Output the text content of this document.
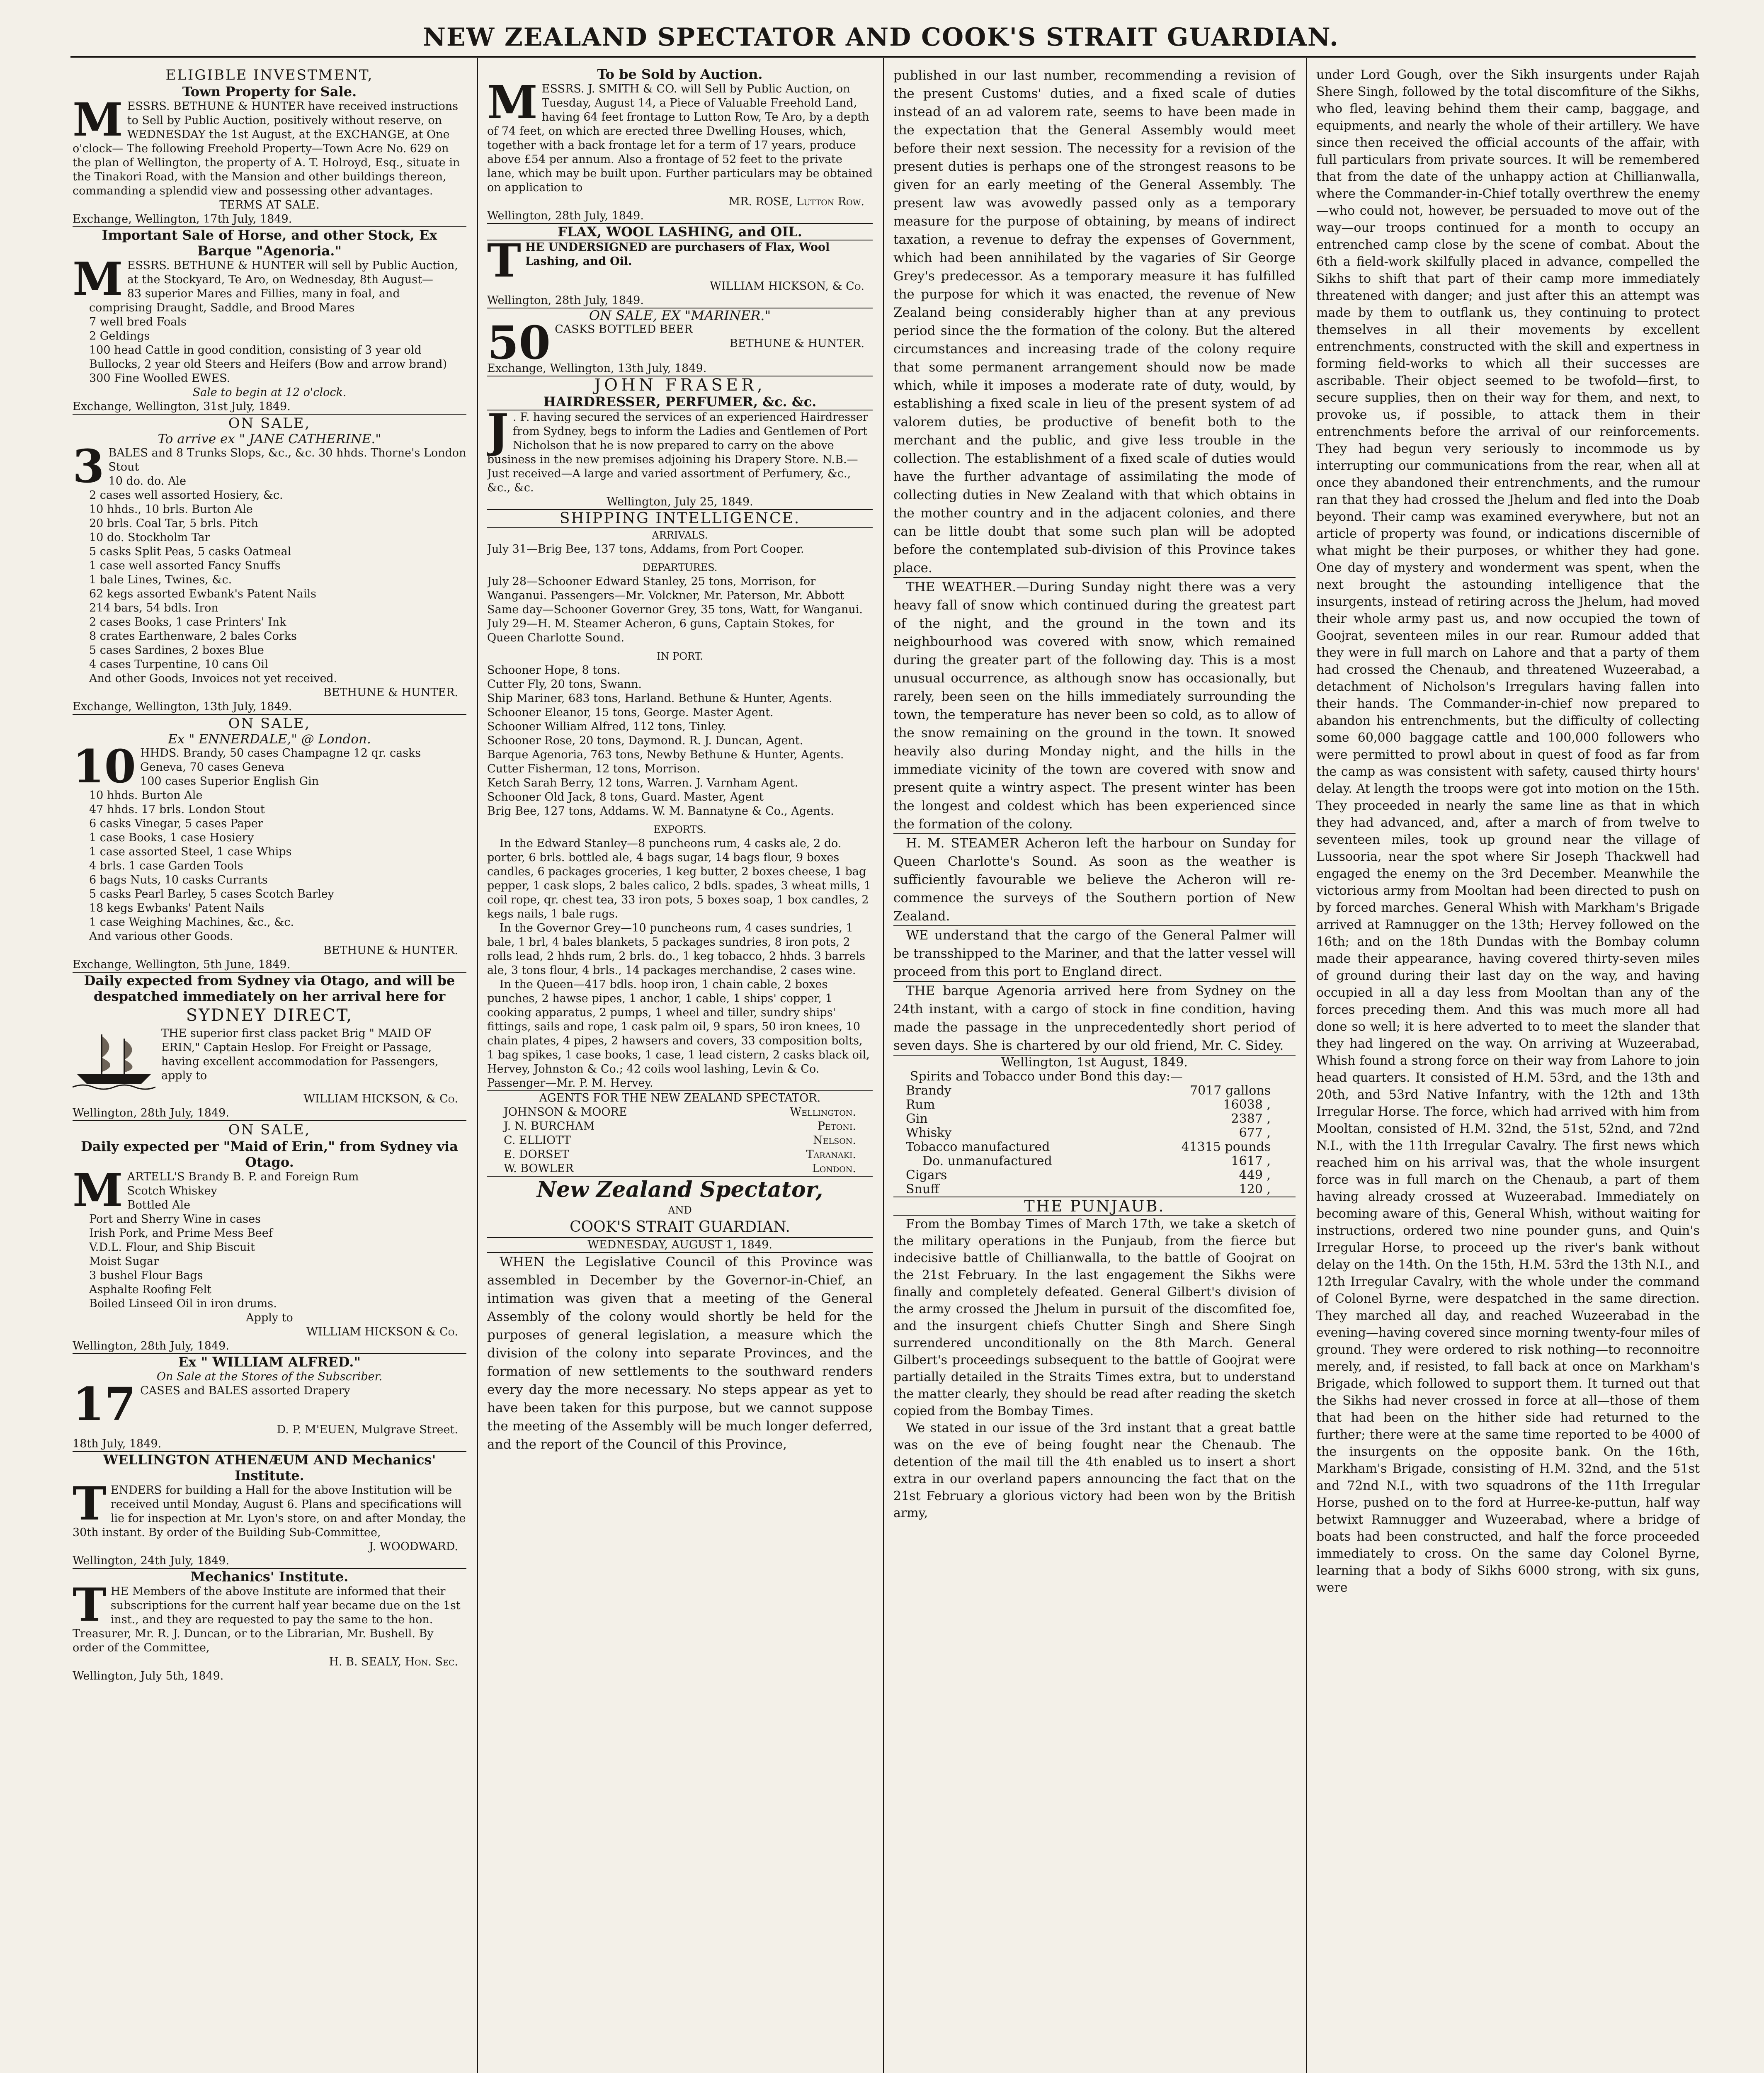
NEW ZEALAND SPECTATOR AND COOK'S STRAIT GUARDIAN.
ELIGIBLE INVESTMENT,
Town Property for Sale.
M ESSRS. BETHUNE & HUNTER have received instructions to Sell by Public Auction, positively without reserve, on WEDNESDAY the 1st August, at the EXCHANGE, at One o'clock— The following Freehold Property—Town Acre No. 629 on the plan of Wellington, the property of A. T. Holroyd, Esq., situate in the Tinakori Road, with the Mansion and other buildings thereon, commanding a splendid view and possessing other advantages.
TERMS AT SALE.
Exchange, Wellington, 17th July, 1849.
Important Sale of Horse, and other Stock, Ex Barque "Agenoria."
M ESSRS. BETHUNE & HUNTER will sell by Public Auction, at the Stockyard, Te Aro, on Wednesday, 8th August—
83 superior Mares and Fillies, many in foal, and comprising Draught, Saddle, and Brood Mares
7 well bred Foals
2 Geldings
100 head Cattle in good condition, consisting of 3 year old Bullocks, 2 year old Steers and Heifers (Bow and arrow brand)
300 Fine Woolled EWES.
Sale to begin at 12 o'clock.
Exchange, Wellington, 31st July, 1849.
ON SALE,
To arrive ex " JANE CATHERINE."
3 BALES and 8 Trunks Slops, &c., &c. 30 hhds. Thorne's London Stout
10 do. do. Ale
2 cases well assorted Hosiery, &c.
10 hhds., 10 brls. Burton Ale
20 brls. Coal Tar, 5 brls. Pitch
10 do. Stockholm Tar
5 casks Split Peas, 5 casks Oatmeal
1 case well assorted Fancy Snuffs
1 bale Lines, Twines, &c.
62 kegs assorted Ewbank's Patent Nails
214 bars, 54 bdls. Iron
2 cases Books, 1 case Printers' Ink
8 crates Earthenware, 2 bales Corks
5 cases Sardines, 2 boxes Blue
4 cases Turpentine, 10 cans Oil
And other Goods, Invoices not yet received.
BETHUNE & HUNTER.
Exchange, Wellington, 13th July, 1849.
ON SALE,
Ex " ENNERDALE," @ London.
10 HHDS. Brandy, 50 cases Champagne 12 qr. casks Geneva, 70 cases Geneva
100 cases Superior English Gin
10 hhds. Burton Ale
47 hhds. 17 brls. London Stout
6 casks Vinegar, 5 cases Paper
1 case Books, 1 case Hosiery
1 case assorted Steel, 1 case Whips
4 brls. 1 case Garden Tools
6 bags Nuts, 10 casks Currants
5 casks Pearl Barley, 5 cases Scotch Barley
18 kegs Ewbanks' Patent Nails
1 case Weighing Machines, &c., &c.
And various other Goods.
BETHUNE & HUNTER.
Exchange, Wellington, 5th June, 1849.
Daily expected from Sydney via Otago, and will be despatched immediately on her arrival here for
SYDNEY DIRECT,
THE superior first class packet Brig " MAID OF ERIN," Captain Heslop. For Freight or Passage, having excellent accommodation for Passengers, apply to
WILLIAM HICKSON, & Co.
Wellington, 28th July, 1849.
ON SALE,
Daily expected per "Maid of Erin," from Sydney via Otago.
M ARTELL'S Brandy B. P. and Foreign Rum
Scotch Whiskey
Bottled Ale
Port and Sherry Wine in cases
Irish Pork, and Prime Mess Beef
V.D.L. Flour, and Ship Biscuit
Moist Sugar
3 bushel Flour Bags
Asphalte Roofing Felt
Boiled Linseed Oil in iron drums.
Apply to
WILLIAM HICKSON & Co.
Wellington, 28th July, 1849.
Ex " WILLIAM ALFRED."
On Sale at the Stores of the Subscriber.
17 CASES and BALES assorted Drapery
D. P. M'EUEN, Mulgrave Street.
18th July, 1849.
WELLINGTON ATHENÆUM AND Mechanics' Institute.
T ENDERS for building a Hall for the above Institution will be received until Monday, August 6. Plans and specifications will lie for inspection at Mr. Lyon's store, on and after Monday, the 30th instant. By order of the Building Sub-Committee,
J. WOODWARD.
Wellington, 24th July, 1849.
Mechanics' Institute.
T HE Members of the above Institute are informed that their subscriptions for the current half year became due on the 1st inst., and they are requested to pay the same to the hon. Treasurer, Mr. R. J. Duncan, or to the Librarian, Mr. Bushell. By order of the Committee,
H. B. SEALY, Hon. Sec.
Wellington, July 5th, 1849.
To be Sold by Auction.
M ESSRS. J. SMITH & CO. will Sell by Public Auction, on Tuesday, August 14, a Piece of Valuable Freehold Land, having 64 feet frontage to Lutton Row, Te Aro, by a depth of 74 feet, on which are erected three Dwelling Houses, which, together with a back frontage let for a term of 17 years, produce above £54 per annum. Also a frontage of 52 feet to the private lane, which may be built upon. Further particulars may be obtained on application to
MR. ROSE, Lutton Row.
Wellington, 28th July, 1849.
FLAX, WOOL LASHING, and OIL.
T HE UNDERSIGNED are purchasers of Flax, Wool Lashing, and Oil.
WILLIAM HICKSON, & Co.
Wellington, 28th July, 1849.
ON SALE, EX "MARINER."
50 CASKS BOTTLED BEER
BETHUNE & HUNTER.
Exchange, Wellington, 13th July, 1849.
JOHN FRASER,
HAIRDRESSER, PERFUMER, &c. &c.
J . F. having secured the services of an experienced Hairdresser from Sydney, begs to inform the Ladies and Gentlemen of Port Nicholson that he is now prepared to carry on the above business in the new premises adjoining his Drapery Store. N.B.—Just received—A large and varied assortment of Perfumery, &c., &c., &c.
Wellington, July 25, 1849.
SHIPPING INTELLIGENCE.
ARRIVALS.
July 31—Brig Bee, 137 tons, Addams, from Port Cooper.
DEPARTURES.
July 28—Schooner Edward Stanley, 25 tons, Morrison, for Wanganui. Passengers—Mr. Volckner, Mr. Paterson, Mr. Abbott
Same day—Schooner Governor Grey, 35 tons, Watt, for Wanganui.
July 29—H. M. Steamer Acheron, 6 guns, Captain Stokes, for Queen Charlotte Sound.
IN PORT.
Schooner Hope, 8 tons.
Cutter Fly, 20 tons, Swann.
Ship Mariner, 683 tons, Harland. Bethune & Hunter, Agents.
Schooner Eleanor, 15 tons, George. Master Agent.
Schooner William Alfred, 112 tons, Tinley.
Schooner Rose, 20 tons, Daymond. R. J. Duncan, Agent.
Barque Agenoria, 763 tons, Newby Bethune & Hunter, Agents.
Cutter Fisherman, 12 tons, Morrison.
Ketch Sarah Berry, 12 tons, Warren. J. Varnham Agent.
Schooner Old Jack, 8 tons, Guard. Master, Agent
Brig Bee, 127 tons, Addams. W. M. Bannatyne & Co., Agents.
EXPORTS.
In the Edward Stanley—8 puncheons rum, 4 casks ale, 2 do. porter, 6 brls. bottled ale, 4 bags sugar, 14 bags flour, 9 boxes candles, 6 packages groceries, 1 keg butter, 2 boxes cheese, 1 bag pepper, 1 cask slops, 2 bales calico, 2 bdls. spades, 3 wheat mills, 1 coil rope, qr. chest tea, 33 iron pots, 5 boxes soap, 1 box candles, 2 kegs nails, 1 bale rugs.
In the Governor Grey—10 puncheons rum, 4 cases sundries, 1 bale, 1 brl, 4 bales blankets, 5 packages sundries, 8 iron pots, 2 rolls lead, 2 hhds rum, 2 brls. do., 1 keg tobacco, 2 hhds. 3 barrels ale, 3 tons flour, 4 brls., 14 packages merchandise, 2 cases wine.
In the Queen—417 bdls. hoop iron, 1 chain cable, 2 boxes punches, 2 hawse pipes, 1 anchor, 1 cable, 1 ships' copper, 1 cooking apparatus, 2 pumps, 1 wheel and tiller, sundry ships' fittings, sails and rope, 1 cask palm oil, 9 spars, 50 iron knees, 10 chain plates, 4 pipes, 2 hawsers and covers, 33 composition bolts, 1 bag spikes, 1 case books, 1 case, 1 lead cistern, 2 casks black oil, Hervey, Johnston & Co.; 42 coils wool lashing, Levin & Co. Passenger—Mr. P. M. Hervey.
AGENTS FOR THE NEW ZEALAND SPECTATOR.
JOHNSON & MOORE	Wellington.
J. N. BURCHAM	Petoni.
C. ELLIOTT	Nelson.
E. DORSET	Taranaki.
W. BOWLER	London.
New Zealand Spectator,
AND
COOK'S STRAIT GUARDIAN.
WEDNESDAY, AUGUST 1, 1849.
WHEN the Legislative Council of this Province was assembled in December by the Governor-in-Chief, an intimation was given that a meeting of the General Assembly of the colony would shortly be held for the purposes of general legislation, a measure which the division of the colony into separate Provinces, and the formation of new settlements to the southward renders every day the more necessary. No steps appear as yet to have been taken for this purpose, but we cannot suppose the meeting of the Assembly will be much longer deferred, and the report of the Council of this Province,
published in our last number, recommending a revision of the present Customs' duties, and a fixed scale of duties instead of an ad valorem rate, seems to have been made in the expectation that the General Assembly would meet before their next session. The necessity for a revision of the present duties is perhaps one of the strongest reasons to be given for an early meeting of the General Assembly. The present law was avowedly passed only as a temporary measure for the purpose of obtaining, by means of indirect taxation, a revenue to defray the expenses of Government, which had been annihilated by the vagaries of Sir George Grey's predecessor. As a temporary measure it has fulfilled the purpose for which it was enacted, the revenue of New Zealand being considerably higher than at any previous period since the the formation of the colony. But the altered circumstances and increasing trade of the colony require that some permanent arrangement should now be made which, while it imposes a moderate rate of duty, would, by establishing a fixed scale in lieu of the present system of ad valorem duties, be productive of benefit both to the merchant and the public, and give less trouble in the collection. The establishment of a fixed scale of duties would have the further advantage of assimilating the mode of collecting duties in New Zealand with that which obtains in the mother country and in the adjacent colonies, and there can be little doubt that some such plan will be adopted before the contemplated sub-division of this Province takes place.
THE WEATHER.—During Sunday night there was a very heavy fall of snow which continued during the greatest part of the night, and the ground in the town and its neighbourhood was covered with snow, which remained during the greater part of the following day. This is a most unusual occurrence, as although snow has occasionally, but rarely, been seen on the hills immediately surrounding the town, the temperature has never been so cold, as to allow of the snow remaining on the ground in the town. It snowed heavily also during Monday night, and the hills in the immediate vicinity of the town are covered with snow and present quite a wintry aspect. The present winter has been the longest and coldest which has been experienced since the formation of the colony.
H. M. STEAMER Acheron left the harbour on Sunday for Queen Charlotte's Sound. As soon as the weather is sufficiently favourable we believe the Acheron will re-commence the surveys of the Southern portion of New Zealand.
WE understand that the cargo of the General Palmer will be transshipped to the Mariner, and that the latter vessel will proceed from this port to England direct.
THE barque Agenoria arrived here from Sydney on the 24th instant, with a cargo of stock in fine condition, having made the passage in the unprecedentedly short period of seven days. She is chartered by our old friend, Mr. C. Sidey.
Wellington, 1st August, 1849.
Spirits and Tobacco under Bond this day:—
Brandy	7017 gallons
Rum	16038 ,
Gin	2387 ,
Whisky	677 ,
Tobacco manufactured	41315 pounds
Do. unmanufactured	1617 ,
Cigars	449 ,
Snuff	120 ,
THE PUNJAUB.
From the Bombay Times of March 17th, we take a sketch of the military operations in the Punjaub, from the fierce but indecisive battle of Chillianwalla, to the battle of Goojrat on the 21st February. In the last engagement the Sikhs were finally and completely defeated. General Gilbert's division of the army crossed the Jhelum in pursuit of the discomfited foe, and the insurgent chiefs Chutter Singh and Shere Singh surrendered unconditionally on the 8th March. General Gilbert's proceedings subsequent to the battle of Goojrat were partially detailed in the Straits Times extra, but to understand the matter clearly, they should be read after reading the sketch copied from the Bombay Times.
We stated in our issue of the 3rd instant that a great battle was on the eve of being fought near the Chenaub. The detention of the mail till the 4th enabled us to insert a short extra in our overland papers announcing the fact that on the 21st February a glorious victory had been won by the British army,
under Lord Gough, over the Sikh insurgents under Rajah Shere Singh, followed by the total discomfiture of the Sikhs, who fled, leaving behind them their camp, baggage, and equipments, and nearly the whole of their artillery. We have since then received the official accounts of the affair, with full particulars from private sources. It will be remembered that from the date of the unhappy action at Chillianwalla, where the Commander-in-Chief totally overthrew the enemy—who could not, however, be persuaded to move out of the way—our troops continued for a month to occupy an entrenched camp close by the scene of combat. About the 6th a field-work skilfully placed in advance, compelled the Sikhs to shift that part of their camp more immediately threatened with danger; and just after this an attempt was made by them to outflank us, they continuing to protect themselves in all their movements by excellent entrenchments, constructed with the skill and expertness in forming field-works to which all their successes are ascribable. Their object seemed to be twofold—first, to secure supplies, then on their way for them, and next, to provoke us, if possible, to attack them in their entrenchments before the arrival of our reinforcements. They had begun very seriously to incommode us by interrupting our communications from the rear, when all at once they abandoned their entrenchments, and the rumour ran that they had crossed the Jhelum and fled into the Doab beyond. Their camp was examined everywhere, but not an article of property was found, or indications discernible of what might be their purposes, or whither they had gone. One day of mystery and wonderment was spent, when the next brought the astounding intelligence that the insurgents, instead of retiring across the Jhelum, had moved their whole army past us, and now occupied the town of Goojrat, seventeen miles in our rear. Rumour added that they were in full march on Lahore and that a party of them had crossed the Chenaub, and threatened Wuzeerabad, a detachment of Nicholson's Irregulars having fallen into their hands. The Commander-in-chief now prepared to abandon his entrenchments, but the difficulty of collecting some 60,000 baggage cattle and 100,000 followers who were permitted to prowl about in quest of food as far from the camp as was consistent with safety, caused thirty hours' delay. At length the troops were got into motion on the 15th. They proceeded in nearly the same line as that in which they had advanced, and, after a march of from twelve to seventeen miles, took up ground near the village of Lussooria, near the spot where Sir Joseph Thackwell had engaged the enemy on the 3rd December. Meanwhile the victorious army from Mooltan had been directed to push on by forced marches. General Whish with Markham's Brigade arrived at Ramnugger on the 13th; Hervey followed on the 16th; and on the 18th Dundas with the Bombay column made their appearance, having covered thirty-seven miles of ground during their last day on the way, and having occupied in all a day less from Mooltan than any of the forces preceding them. And this was much more all had done so well; it is here adverted to to meet the slander that they had lingered on the way. On arriving at Wuzeerabad, Whish found a strong force on their way from Lahore to join head quarters. It consisted of H.M. 53rd, and the 13th and 20th, and 53rd Native Infantry, with the 12th and 13th Irregular Horse. The force, which had arrived with him from Mooltan, consisted of H.M. 32nd, the 51st, 52nd, and 72nd N.I., with the 11th Irregular Cavalry. The first news which reached him on his arrival was, that the whole insurgent force was in full march on the Chenaub, a part of them having already crossed at Wuzeerabad. Immediately on becoming aware of this, General Whish, without waiting for instructions, ordered two nine pounder guns, and Quin's Irregular Horse, to proceed up the river's bank without delay on the 14th. On the 15th, H.M. 53rd the 13th N.I., and 12th Irregular Cavalry, with the whole under the command of Colonel Byrne, were despatched in the same direction. They marched all day, and reached Wuzeerabad in the evening—having covered since morning twenty-four miles of ground. They were ordered to risk nothing—to reconnoitre merely, and, if resisted, to fall back at once on Markham's Brigade, which followed to support them. It turned out that the Sikhs had never crossed in force at all—those of them that had been on the hither side had returned to the further; there were at the same time reported to be 4000 of the insurgents on the opposite bank. On the 16th, Markham's Brigade, consisting of H.M. 32nd, and the 51st and 72nd N.I., with two squadrons of the 11th Irregular Horse, pushed on to the ford at Hurree-ke-puttun, half way betwixt Ramnugger and Wuzeerabad, where a bridge of boats had been constructed, and half the force proceeded immediately to cross. On the same day Colonel Byrne, learning that a body of Sikhs 6000 strong, with six guns, were
